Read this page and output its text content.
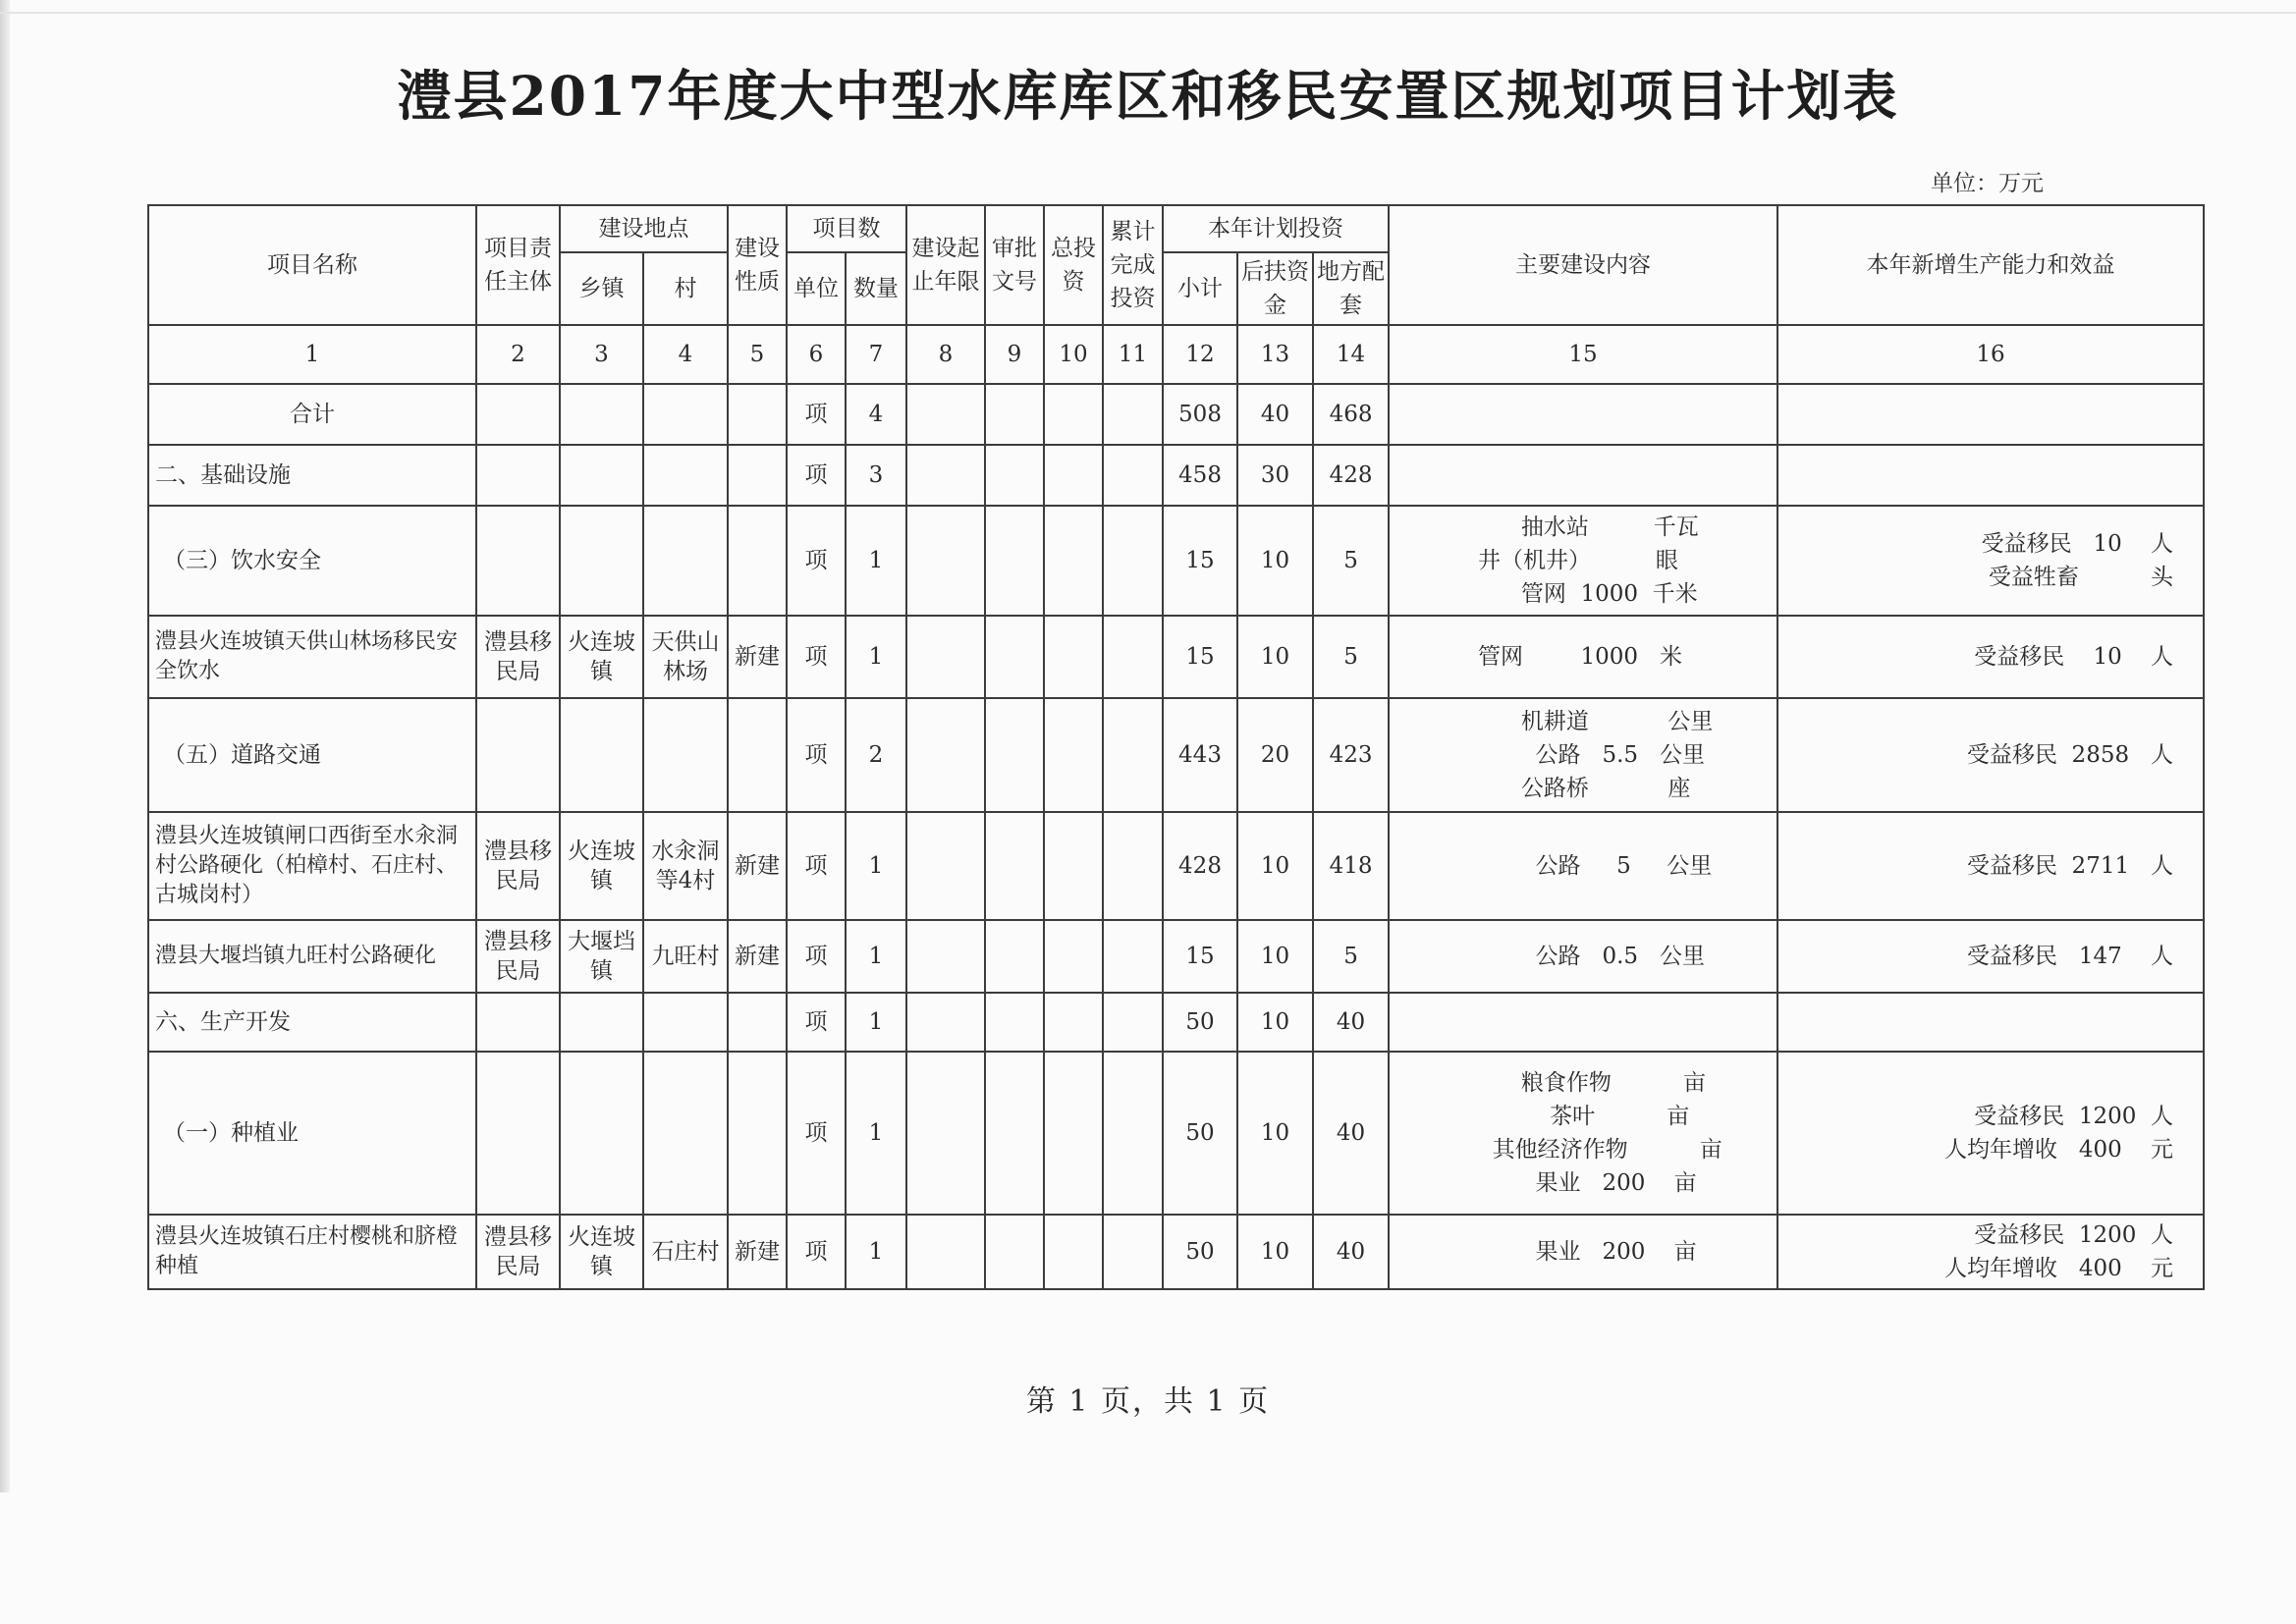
澧县2017年度大中型水库库区和移民安置区规划项目计划表
单位：万元
项目名称	项目责任主体	建设地点		建设性质	项目数		建设起止年限	审批文号	总投资	累计完成投资	本年计划投资			主要建设内容	本年新增生产能力和效益
		乡镇	村		单位	数量					小计	后扶资金	地方配套		
1	2	3	4	5	6	7	8	9	10	11	12	13	14	15	16
合计					项	4					508	40	468		
二、基础设施					项	3					458	30	428		
（三）饮水安全					项	1					15	10	5	抽水站         千瓦
井（机井）         眼
管网  1000  千米	受益移民   10    人
受益牲畜          头

澧县火连坡镇天供山林场移民安全饮水	澧县移民局	火连坡镇	天供山林场	新建	项	1					15	10	5	管网        1000   米	受益移民    10    人

（五）道路交通					项	2					443	20	423	机耕道           公里
公路   5.5   公里
公路桥           座	受益移民  2858   人

澧县火连坡镇闸口西街至水汆洞村公路硬化（柏樟村、石庄村、古城岗村）	澧县移民局	火连坡镇	水汆洞等4村	新建	项	1					428	10	418	公路     5     公里	受益移民  2711   人

澧县大堰垱镇九旺村公路硬化	澧县移民局	大堰垱镇	九旺村	新建	项	1					15	10	5	公路   0.5   公里	受益移民   147    人

六、生产开发					项	1					50	10	40		
（一）种植业					项	1					50	10	40	粮食作物          亩
茶叶          亩
其他经济作物          亩
果业   200    亩	受益移民  1200  人
人均年增收   400    元

澧县火连坡镇石庄村樱桃和脐橙种植	澧县移民局	火连坡镇	石庄村	新建	项	1					50	10	40	果业   200    亩	受益移民  1200  人
人均年增收   400    元
第 1 页，共 1 页
